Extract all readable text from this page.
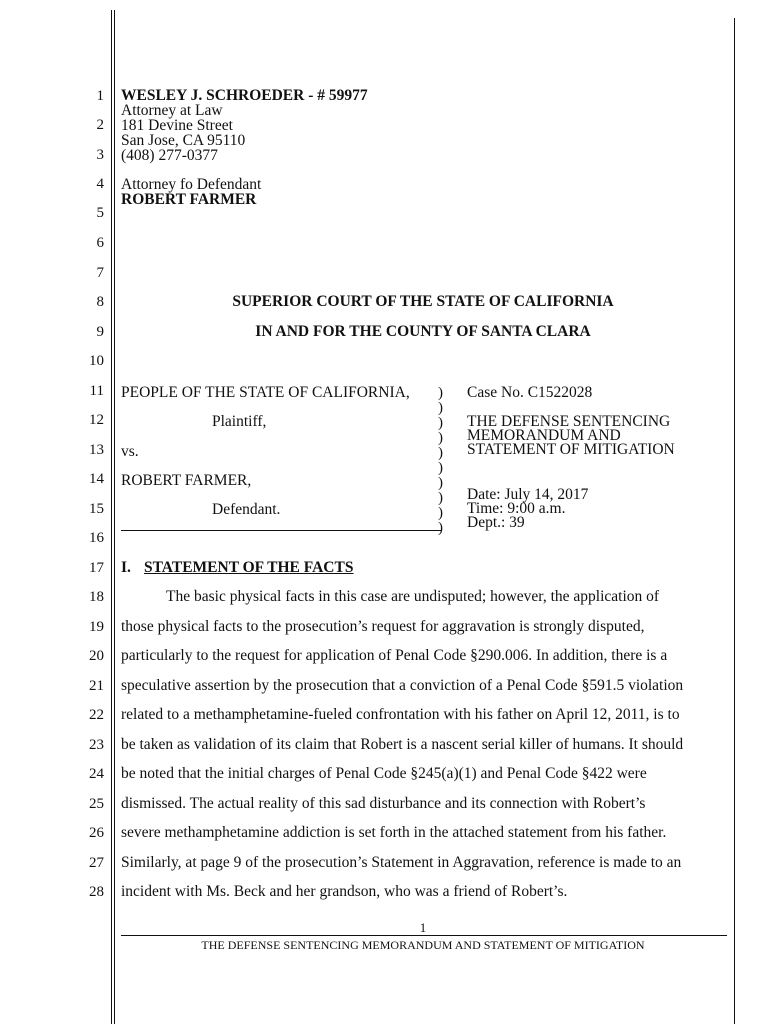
1
2
3
4
5
6
7
8
9
10
11
12
13
14
15
16
17
18
19
20
21
22
23
24
25
26
27
28
WESLEY J. SCHROEDER - # 59977
Attorney at Law
181 Devine Street
San Jose, CA 95110
(408) 277-0377
Attorney fo Defendant
ROBERT FARMER
SUPERIOR COURT OF THE STATE OF CALIFORNIA
IN AND FOR THE COUNTY OF SANTA CLARA
PEOPLE OF THE STATE OF CALIFORNIA,
Plaintiff,
vs.
ROBERT FARMER,
Defendant.
)
)
)
)
)
)
)
)
)
)
Case No. C1522028
THE DEFENSE SENTENCING
MEMORANDUM AND
STATEMENT OF MITIGATION
Date: July 14, 2017
Time: 9:00 a.m.
Dept.: 39
I. STATEMENT OF THE FACTS
The basic physical facts in this case are undisputed; however, the application of
those physical facts to the prosecution’s request for aggravation is strongly disputed,
particularly to the request for application of Penal Code §290.006. In addition, there is a
speculative assertion by the prosecution that a conviction of a Penal Code §591.5 violation
related to a methamphetamine-fueled confrontation with his father on April 12, 2011, is to
be taken as validation of its claim that Robert is a nascent serial killer of humans. It should
be noted that the initial charges of Penal Code §245(a)(1) and Penal Code §422 were
dismissed. The actual reality of this sad disturbance and its connection with Robert’s
severe methamphetamine addiction is set forth in the attached statement from his father.
Similarly, at page 9 of the prosecution’s Statement in Aggravation, reference is made to an
incident with Ms. Beck and her grandson, who was a friend of Robert’s.
1
THE DEFENSE SENTENCING MEMORANDUM AND STATEMENT OF MITIGATION
